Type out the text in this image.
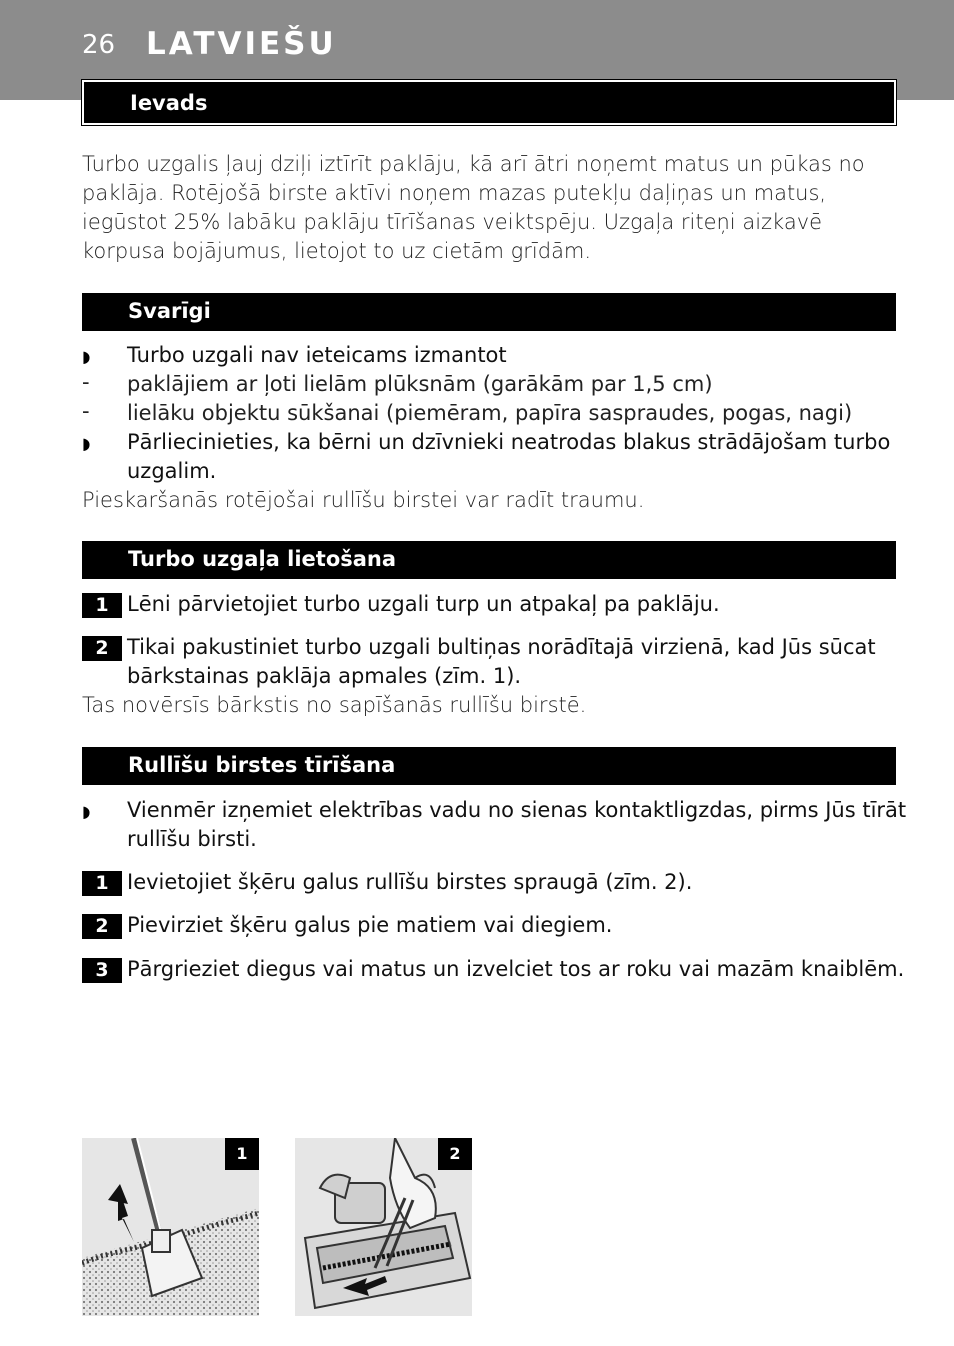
26 LATVIEŠU
Ievads
Turbo uzgalis ļauj dziļi iztīrīt paklāju, kā arī ātri noņemt matus un pūkas no paklāja. Rotējošā birste aktīvi noņem mazas putekļu daļiņas un matus, iegūstot 25% labāku paklāju tīrīšanas veiktspēju. Uzgaļa riteņi aizkavē korpusa bojājumus, lietojot to uz cietām grīdām.
Svarīgi
◗ Turbo uzgali nav ieteicams izmantot
- paklājiem ar ļoti lielām plūksnām (garākām par 1,5 cm)
- lielāku objektu sūkšanai (piemēram, papīra saspraudes, pogas, nagi)
◗ Pārliecinieties, ka bērni un dzīvnieki neatrodas blakus strādājošam turbo uzgalim.
Pieskaršanās rotējošai rullīšu birstei var radīt traumu.
Turbo uzgaļa lietošana
1 Lēni pārvietojiet turbo uzgali turp un atpakaļ pa paklāju.
2 Tikai pakustiniet turbo uzgali bultiņas norādītajā virzienā, kad Jūs sūcat bārkstainas paklāja apmales (zīm. 1).
Tas novērsīs bārkstis no sapīšanās rullīšu birstē.
Rullīšu birstes tīrīšana
◗ Vienmēr izņemiet elektrības vadu no sienas kontaktligzdas, pirms Jūs tīrāt rullīšu birsti.
1 Ievietojiet šķēru galus rullīšu birstes spraugā (zīm. 2).
2 Pievirziet šķēru galus pie matiem vai diegiem.
3 Pārgrieziet diegus vai matus un izvelciet tos ar roku vai mazām knaiblēm.
1	2
